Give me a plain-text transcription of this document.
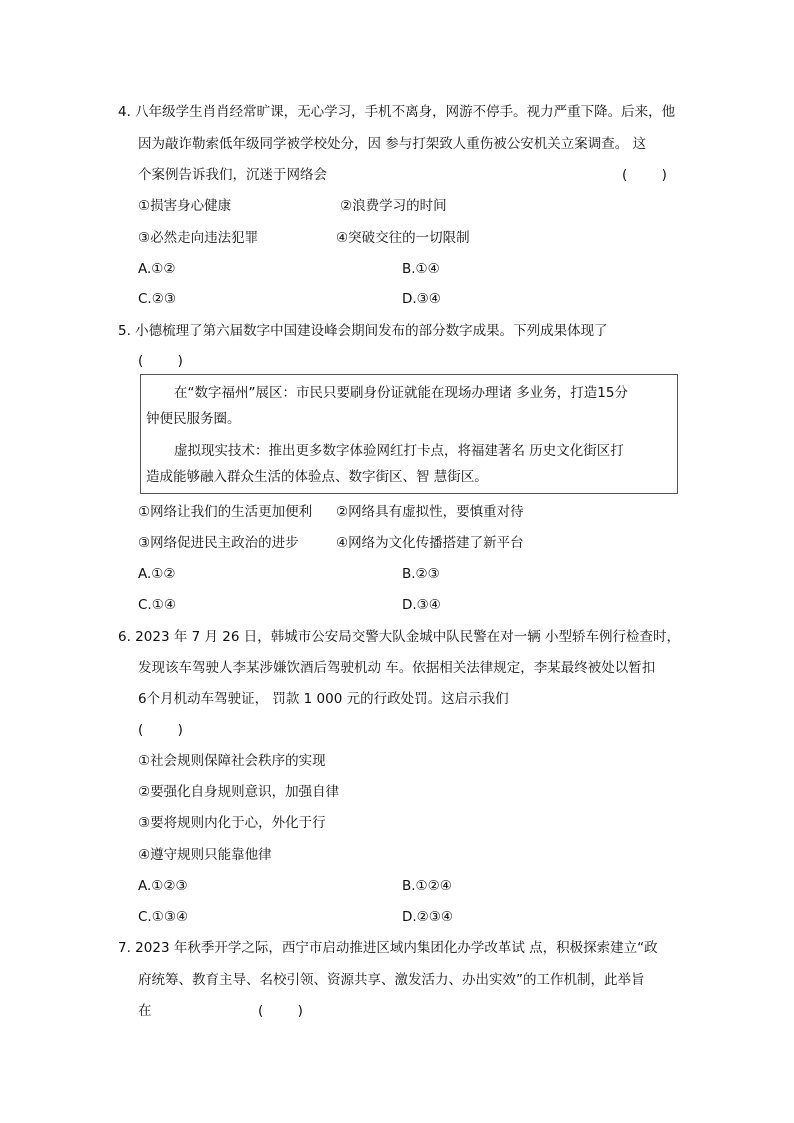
4. 八年级学生肖肖经常旷课，无心学习，手机不离身，网游不停手。视力严重下降。后来，他
因为敲诈勒索低年级同学被学校处分，因 参与打架致人重伤被公安机关立案调查。 这
个案例告诉我们，沉迷于网络会	(        )
①损害身心健康	②浪费学习的时间
③必然走向违法犯罪	④突破交往的一切限制
A.①②	B.①④
C.②③	D.③④
5. 小德梳理了第六届数字中国建设峰会期间发布的部分数字成果。下列成果体现了
(        )
在“数字福州”展区：市民只要刷身份证就能在现场办理诸 多业务，打造15分
钟便民服务圈。
虚拟现实技术：推出更多数字体验网红打卡点，将福建著名 历史文化街区打
造成能够融入群众生活的体验点、数字街区、智 慧街区。
①网络让我们的生活更加便利 ②网络具有虚拟性，要慎重对待
③网络促进民主政治的进步	④网络为文化传播搭建了新平台
A.①②	B.②③
C.①④	D.③④
6. 2023 年 7 月 26 日，韩城市公安局交警大队金城中队民警在对一辆 小型轿车例行检查时，
发现该车驾驶人李某涉嫌饮酒后驾驶机动 车。依据相关法律规定，李某最终被处以暂扣
6个月机动车驾驶证， 罚款 1 000 元的行政处罚。这启示我们
(        )
①社会规则保障社会秩序的实现
②要强化自身规则意识，加强自律
③要将规则内化于心，外化于行
④遵守规则只能靠他律
A.①②③	B.①②④
C.①③④	D.②③④
7. 2023 年秋季开学之际，西宁市启动推进区域内集团化办学改革试 点，积极探索建立“政
府统筹、教育主导、名校引领、资源共享、激发活力、办出实效”的工作机制，此举旨
在	(        )
